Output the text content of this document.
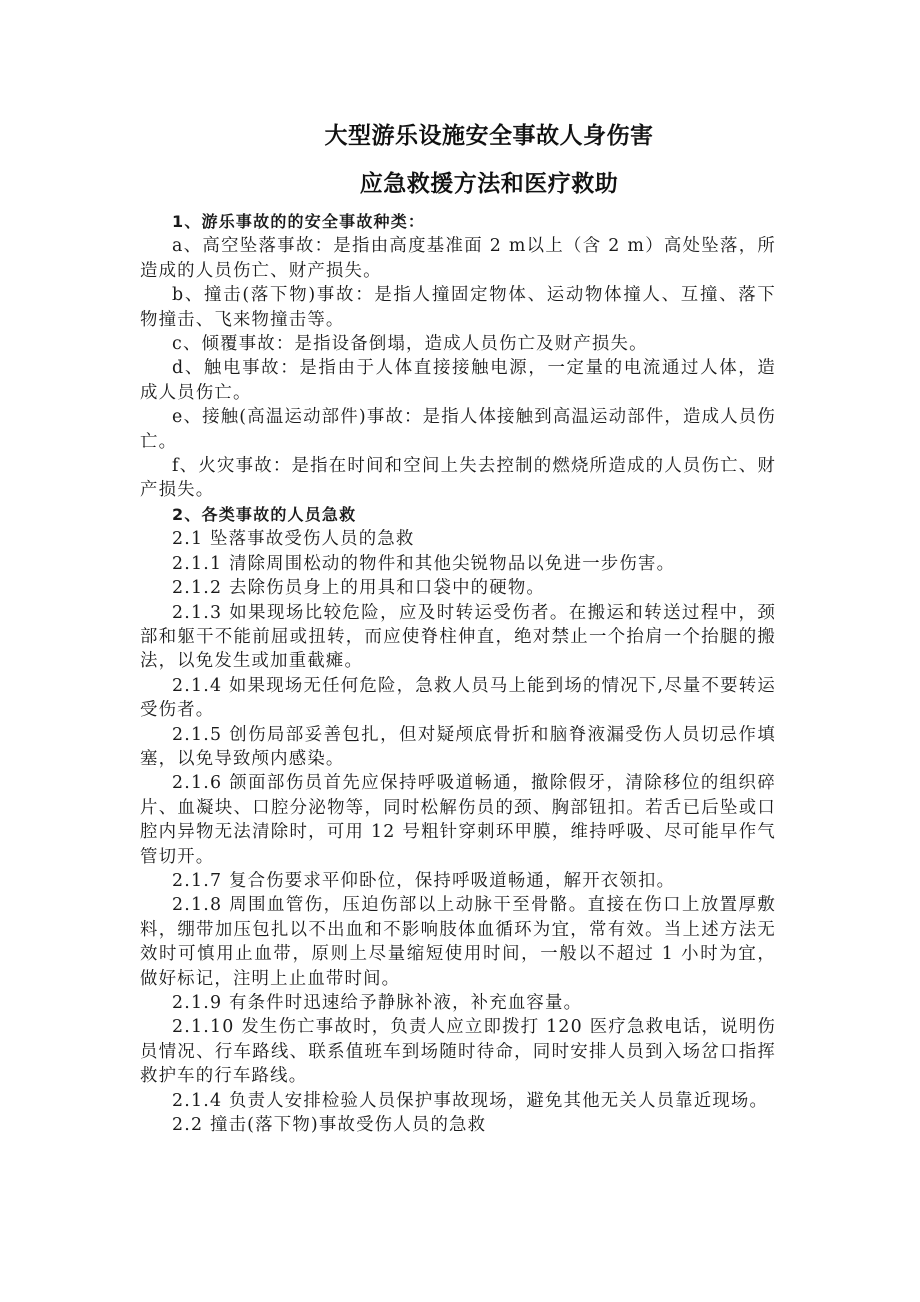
大型游乐设施安全事故人身伤害
应急救援方法和医疗救助

1、游乐事故的的安全事故种类：

a、高空坠落事故：是指由高度基准面 2 m以上（含 2 m）高处坠落，所造成的人员伤亡、财产损失。

b、撞击(落下物)事故：是指人撞固定物体、运动物体撞人、互撞、落下物撞击、飞来物撞击等。

c、倾覆事故：是指设备倒塌，造成人员伤亡及财产损失。

d、触电事故：是指由于人体直接接触电源，一定量的电流通过人体，造成人员伤亡。

e、接触(高温运动部件)事故：是指人体接触到高温运动部件，造成人员伤亡。

f、火灾事故：是指在时间和空间上失去控制的燃烧所造成的人员伤亡、财产损失。

2、各类事故的人员急救

2.1 坠落事故受伤人员的急救

2.1.1 清除周围松动的物件和其他尖锐物品以免进一步伤害。

2.1.2 去除伤员身上的用具和口袋中的硬物。

2.1.3 如果现场比较危险，应及时转运受伤者。在搬运和转送过程中，颈部和躯干不能前屈或扭转，而应使脊柱伸直，绝对禁止一个抬肩一个抬腿的搬法，以免发生或加重截瘫。

2.1.4 如果现场无任何危险，急救人员马上能到场的情况下,尽量不要转运受伤者。

2.1.5 创伤局部妥善包扎，但对疑颅底骨折和脑脊液漏受伤人员切忌作填塞，以免导致颅内感染。

2.1.6 颌面部伤员首先应保持呼吸道畅通，撤除假牙，清除移位的组织碎片、血凝块、口腔分泌物等，同时松解伤员的颈、胸部钮扣。若舌已后坠或口腔内异物无法清除时，可用 12 号粗针穿刺环甲膜，维持呼吸、尽可能早作气管切开。

2.1.7 复合伤要求平仰卧位，保持呼吸道畅通，解开衣领扣。

2.1.8 周围血管伤，压迫伤部以上动脉干至骨骼。直接在伤口上放置厚敷料，绷带加压包扎以不出血和不影响肢体血循环为宜，常有效。当上述方法无效时可慎用止血带，原则上尽量缩短使用时间，一般以不超过 1 小时为宜，做好标记，注明上止血带时间。

2.1.9 有条件时迅速给予静脉补液，补充血容量。

2.1.10 发生伤亡事故时，负责人应立即拨打 120 医疗急救电话，说明伤员情况、行车路线、联系值班车到场随时待命，同时安排人员到入场岔口指挥救护车的行车路线。

2.1.4 负责人安排检验人员保护事故现场，避免其他无关人员靠近现场。

2.2 撞击(落下物)事故受伤人员的急救
